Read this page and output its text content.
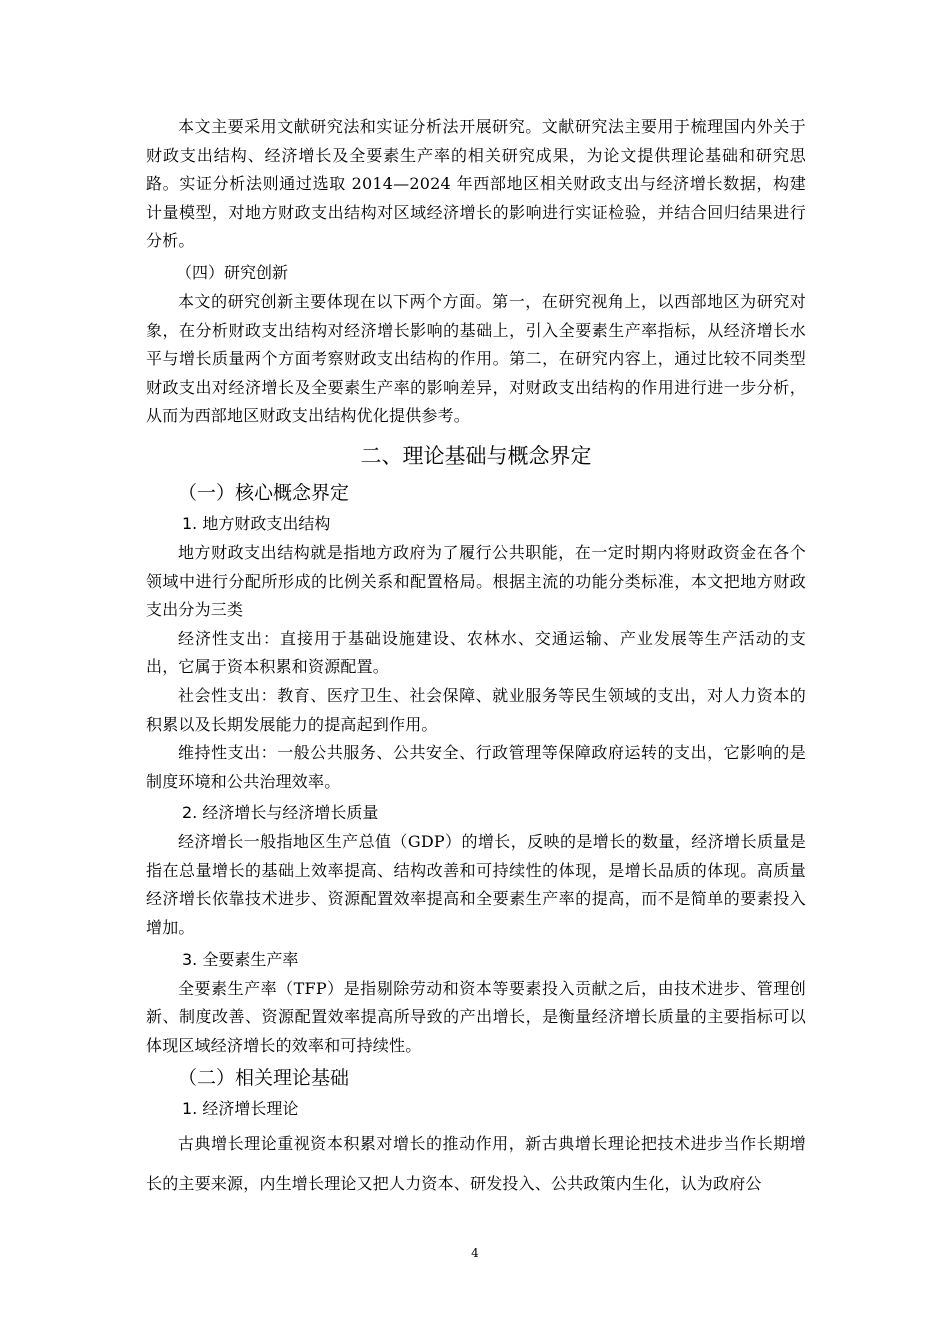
本文主要采用文献研究法和实证分析法开展研究。文献研究法主要用于梳理国内外关于财政支出结构、经济增长及全要素生产率的相关研究成果，为论文提供理论基础和研究思路。实证分析法则通过选取 2014—2024 年西部地区相关财政支出与经济增长数据，构建计量模型，对地方财政支出结构对区域经济增长的影响进行实证检验，并结合回归结果进行分析。

（四）研究创新

本文的研究创新主要体现在以下两个方面。第一，在研究视角上，以西部地区为研究对象，在分析财政支出结构对经济增长影响的基础上，引入全要素生产率指标，从经济增长水平与增长质量两个方面考察财政支出结构的作用。第二，在研究内容上，通过比较不同类型财政支出对经济增长及全要素生产率的影响差异，对财政支出结构的作用进行进一步分析，从而为西部地区财政支出结构优化提供参考。

二、理论基础与概念界定
（一）核心概念界定
1. 地方财政支出结构

地方财政支出结构就是指地方政府为了履行公共职能，在一定时期内将财政资金在各个领域中进行分配所形成的比例关系和配置格局。根据主流的功能分类标准，本文把地方财政支出分为三类

经济性支出：直接用于基础设施建设、农林水、交通运输、产业发展等生产活动的支出，它属于资本积累和资源配置。

社会性支出：教育、医疗卫生、社会保障、就业服务等民生领域的支出，对人力资本的积累以及长期发展能力的提高起到作用。

维持性支出：一般公共服务、公共安全、行政管理等保障政府运转的支出，它影响的是制度环境和公共治理效率。

2. 经济增长与经济增长质量

经济增长一般指地区生产总值（GDP）的增长，反映的是增长的数量，经济增长质量是指在总量增长的基础上效率提高、结构改善和可持续性的体现，是增长品质的体现。高质量经济增长依靠技术进步、资源配置效率提高和全要素生产率的提高，而不是简单的要素投入增加。

3. 全要素生产率

全要素生产率（TFP）是指剔除劳动和资本等要素投入贡献之后，由技术进步、管理创新、制度改善、资源配置效率提高所导致的产出增长，是衡量经济增长质量的主要指标可以体现区域经济增长的效率和可持续性。

（二）相关理论基础
1. 经济增长理论

古典增长理论重视资本积累对增长的推动作用，新古典增长理论把技术进步当作长期增长的主要来源，内生增长理论又把人力资本、研发投入、公共政策内生化，认为政府公

4
